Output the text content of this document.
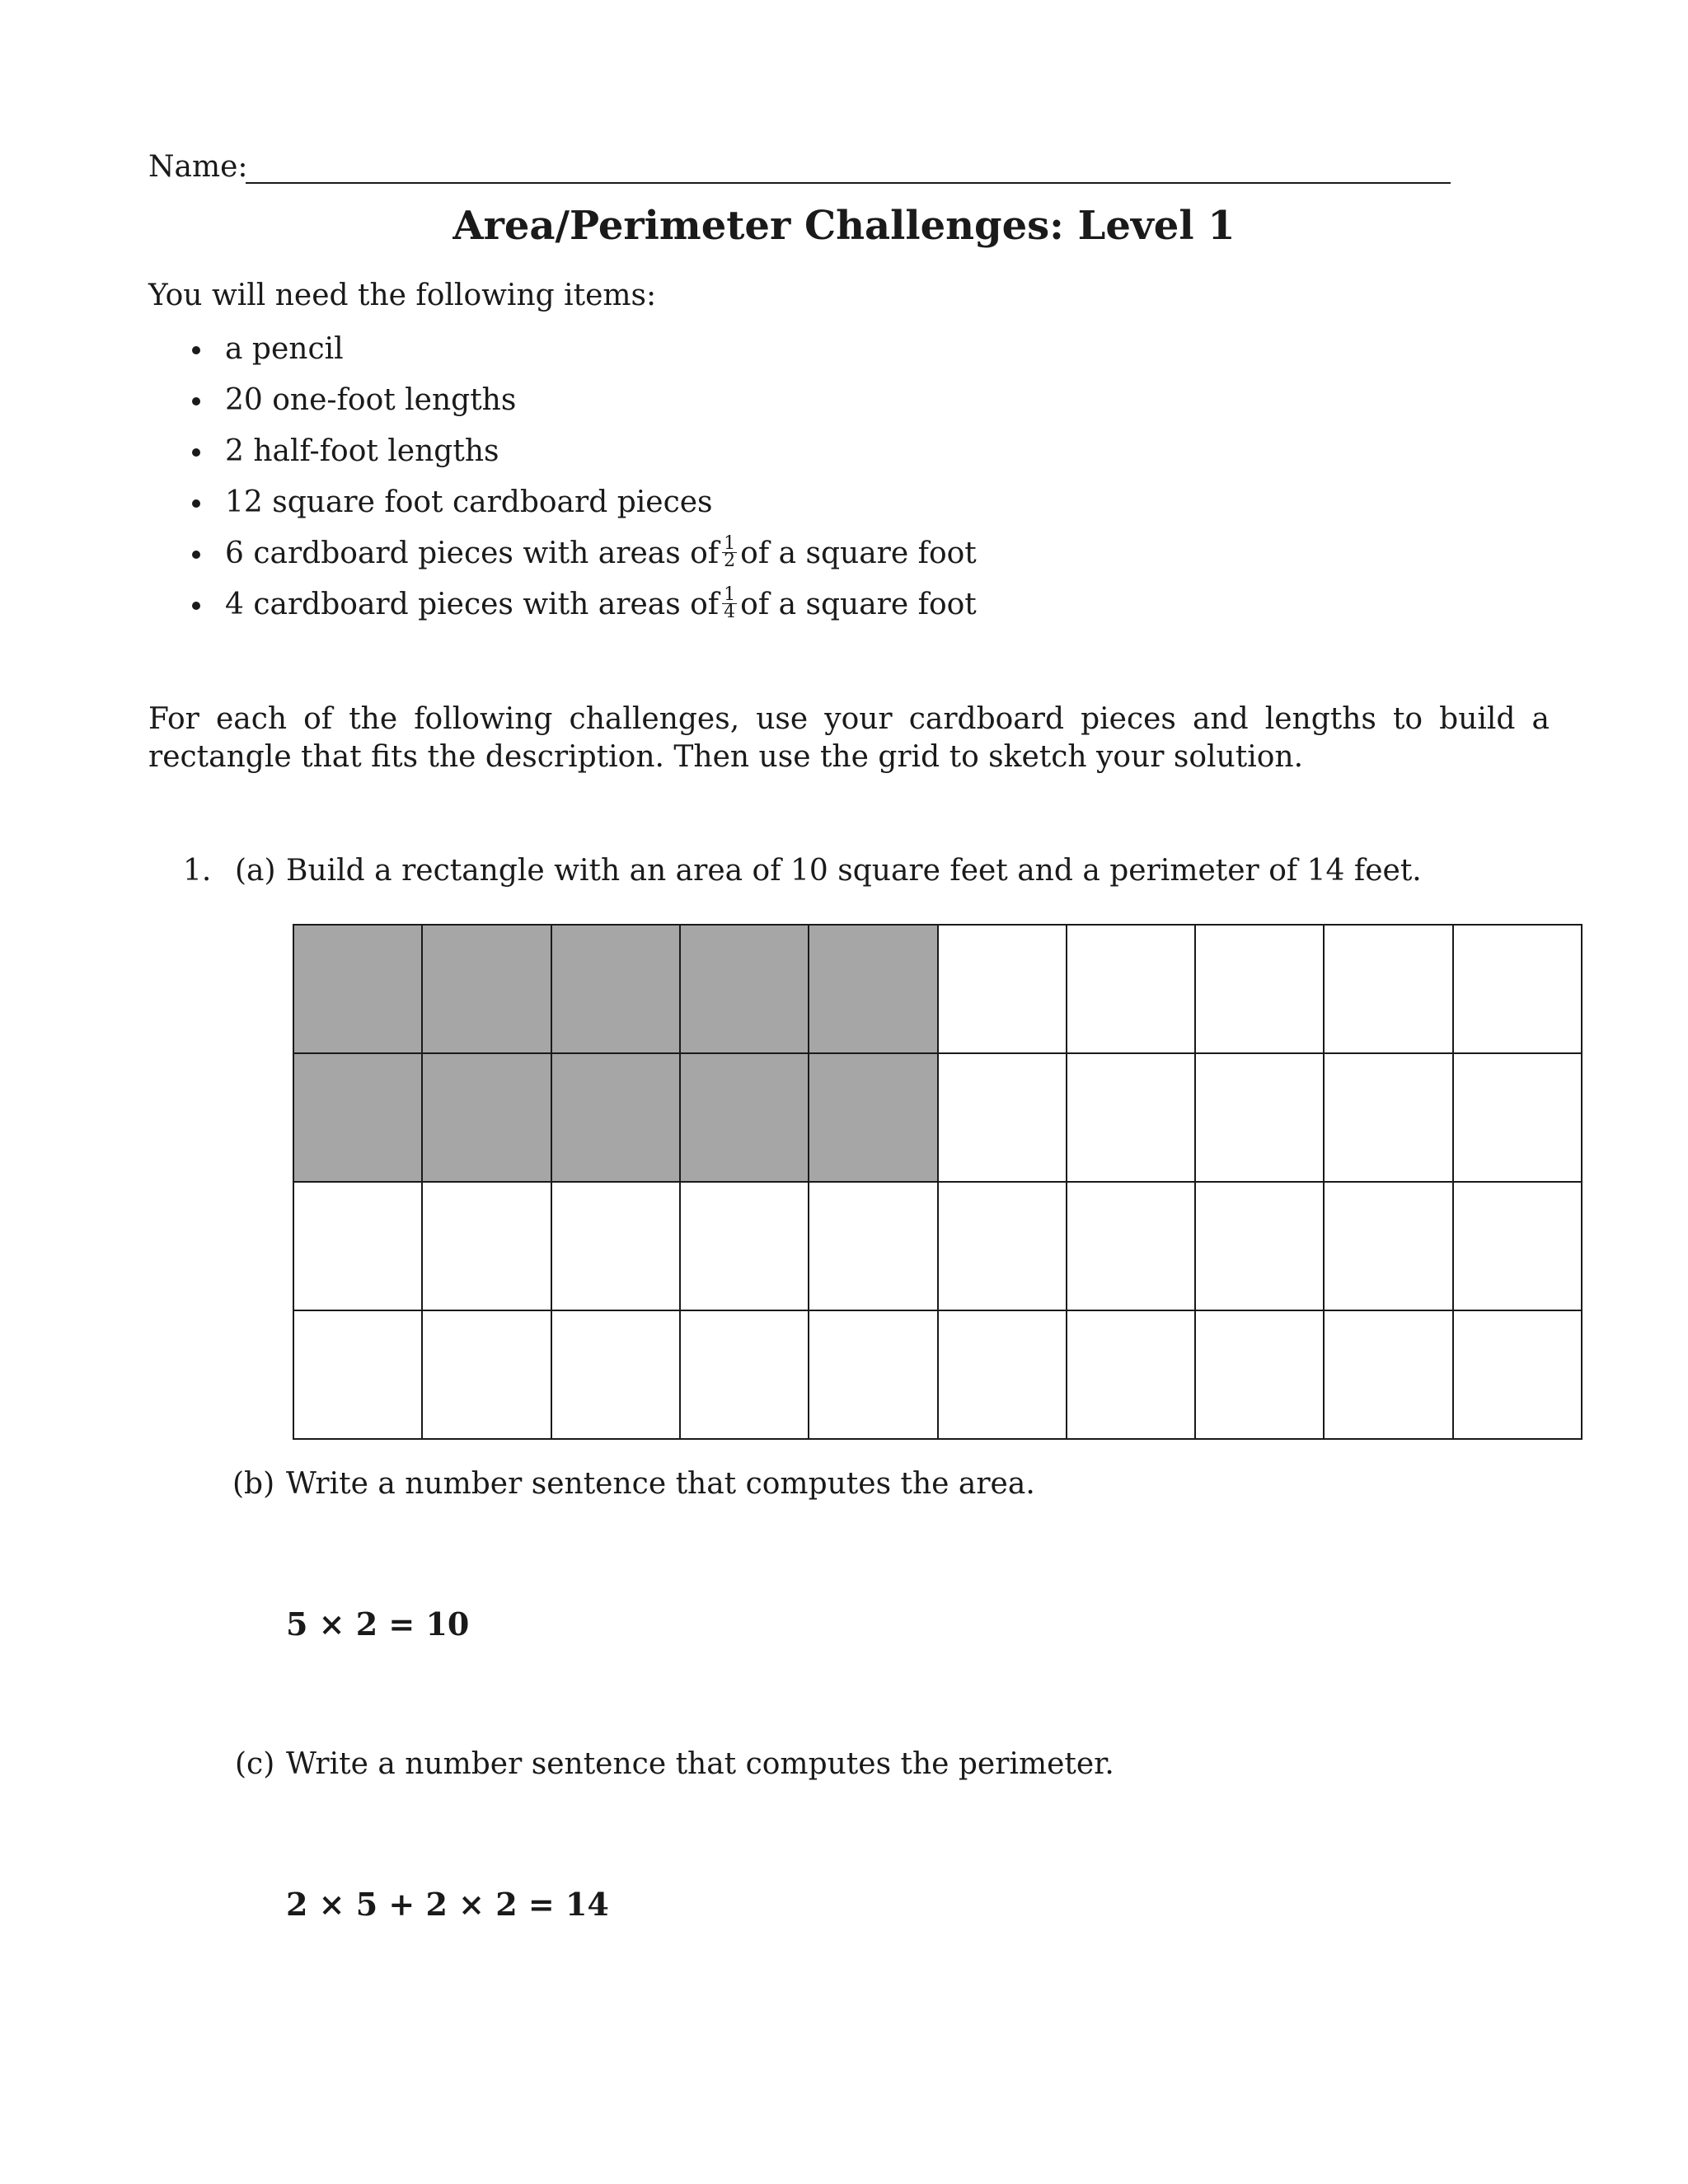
Name:
Area/Perimeter Challenges: Level 1
You will need the following items:
a pencil
20 one-foot lengths
2 half-foot lengths
12 square foot cardboard pieces
6 cardboard pieces with areas of $\frac{1}{2}$ of a square foot
4 cardboard pieces with areas of $\frac{1}{4}$ of a square foot
For each of the following challenges, use your cardboard pieces and lengths to build a rectangle that fits the description. Then use the grid to sketch your solution.
1. (a) Build a rectangle with an area of 10 square feet and a perimeter of 14 feet.
(b) Write a number sentence that computes the area.
5 × 2 = 10
(c) Write a number sentence that computes the perimeter.
2 × 5 + 2 × 2 = 14
